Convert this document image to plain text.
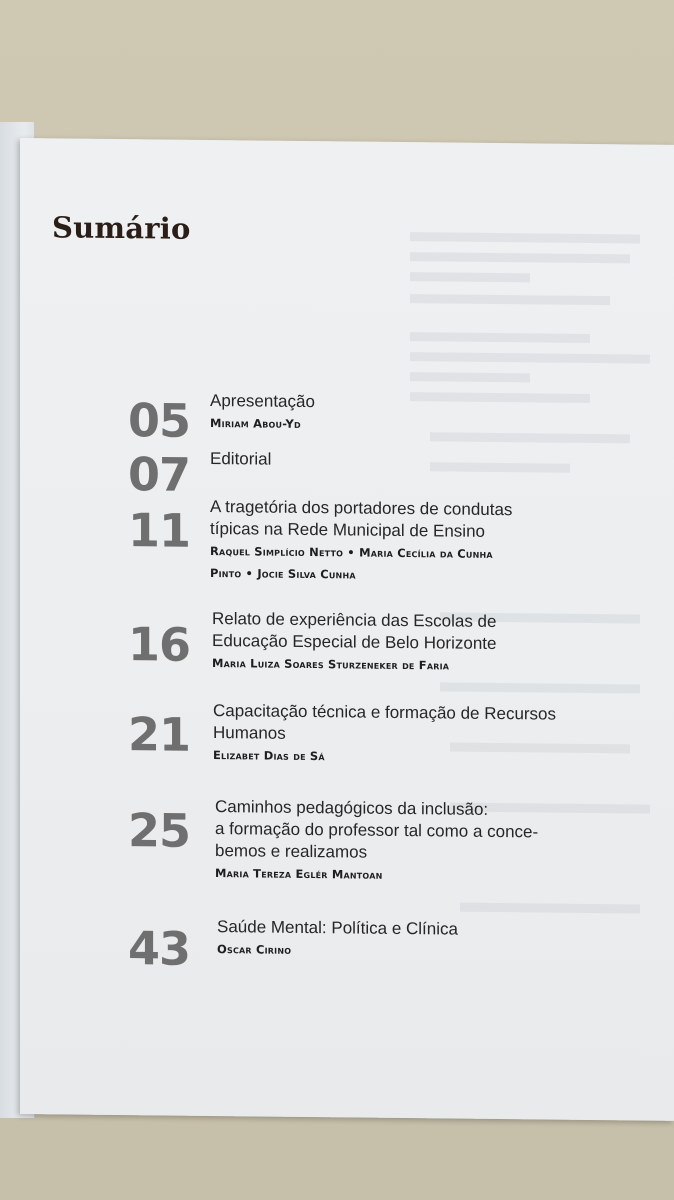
Sumário
05 Apresentação
Miriam Abou-Yd
07 Editorial
11 A tragetória dos portadores de condutas
típicas na Rede Municipal de Ensino
Raquel Simplício Netto • Maria Cecília da Cunha
Pinto • Jocie Silva Cunha
16 Relato de experiência das Escolas de
Educação Especial de Belo Horizonte
Maria Luiza Soares Sturzeneker de Faria
21 Capacitação técnica e formação de Recursos
Humanos
Elizabet Dias de Sá
25 Caminhos pedagógicos da inclusão:
a formação do professor tal como a conce-
bemos e realizamos
Maria Tereza Eglér Mantoan
43 Saúde Mental: Política e Clínica
Oscar Cirino
